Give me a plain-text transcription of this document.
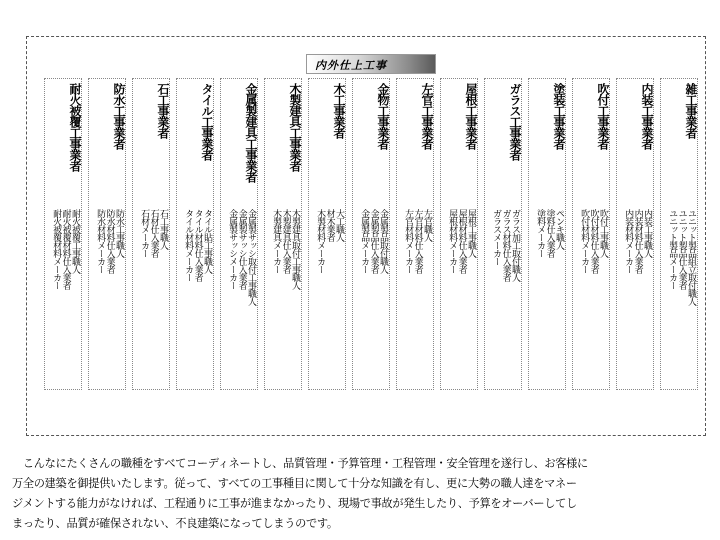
内外仕上工事
雑工事業者
ユニット製品組立取付職人
ユニット製品仕入業者
ユニット製品メーカー
内装工事業者
内装工事職人
内装材料仕入業者
内装材料メーカー
吹付工事業者
吹付工事職人
吹付材料仕入業者
吹付材料メーカー
塗装工事業者
ペンキ職人
塗料仕入業者
塗料メーカー
ガラス工事業者
ガラス加工取付職人
ガラス材料仕入業者
ガラスメーカー
屋根工事業者
屋根工事職人
屋根材料仕入業者
屋根材料メーカー
左官工事業者
左官職人
左官材料仕入業者
左官材料メーカー
金物工事業者
金属製品取付職人
金属製品仕入業者
金属製品メーカー
木工事業者
大工職人
材木業者
木製材料メーカー
木製建具工事業者
木製建具取付工事職人
木製建具仕入業者
木製建具メーカー
金属製建具工事業者
金属製サッシ取付工事職人
金属製サッシ仕入業者
金属製サッシメーカー
タイル工事業者
タイル貼工事職人
タイル材料仕入業者
タイル材料メーカー
石工事業者
石工事職人
石材仕入業者
石材メーカー
防水工事業者
防水工事職人
防水材料仕入業者
防水材料メーカー
耐火被覆工事業者
耐火被覆工事職人
耐火被覆材料仕入業者
耐火被覆材料メーカー
　こんなにたくさんの職種をすべてコーディネートし、品質管理・予算管理・工程管理・安全管理を遂行し、お客様に
万全の建築を御提供いたします。従って、すべての工事種目に関して十分な知識を有し、更に大勢の職人達をマネー
ジメントする能力がなければ、工程通りに工事が進まなかったり、現場で事故が発生したり、予算をオーバーしてし
まったり、品質が確保されない、不良建築になってしまうのです。
